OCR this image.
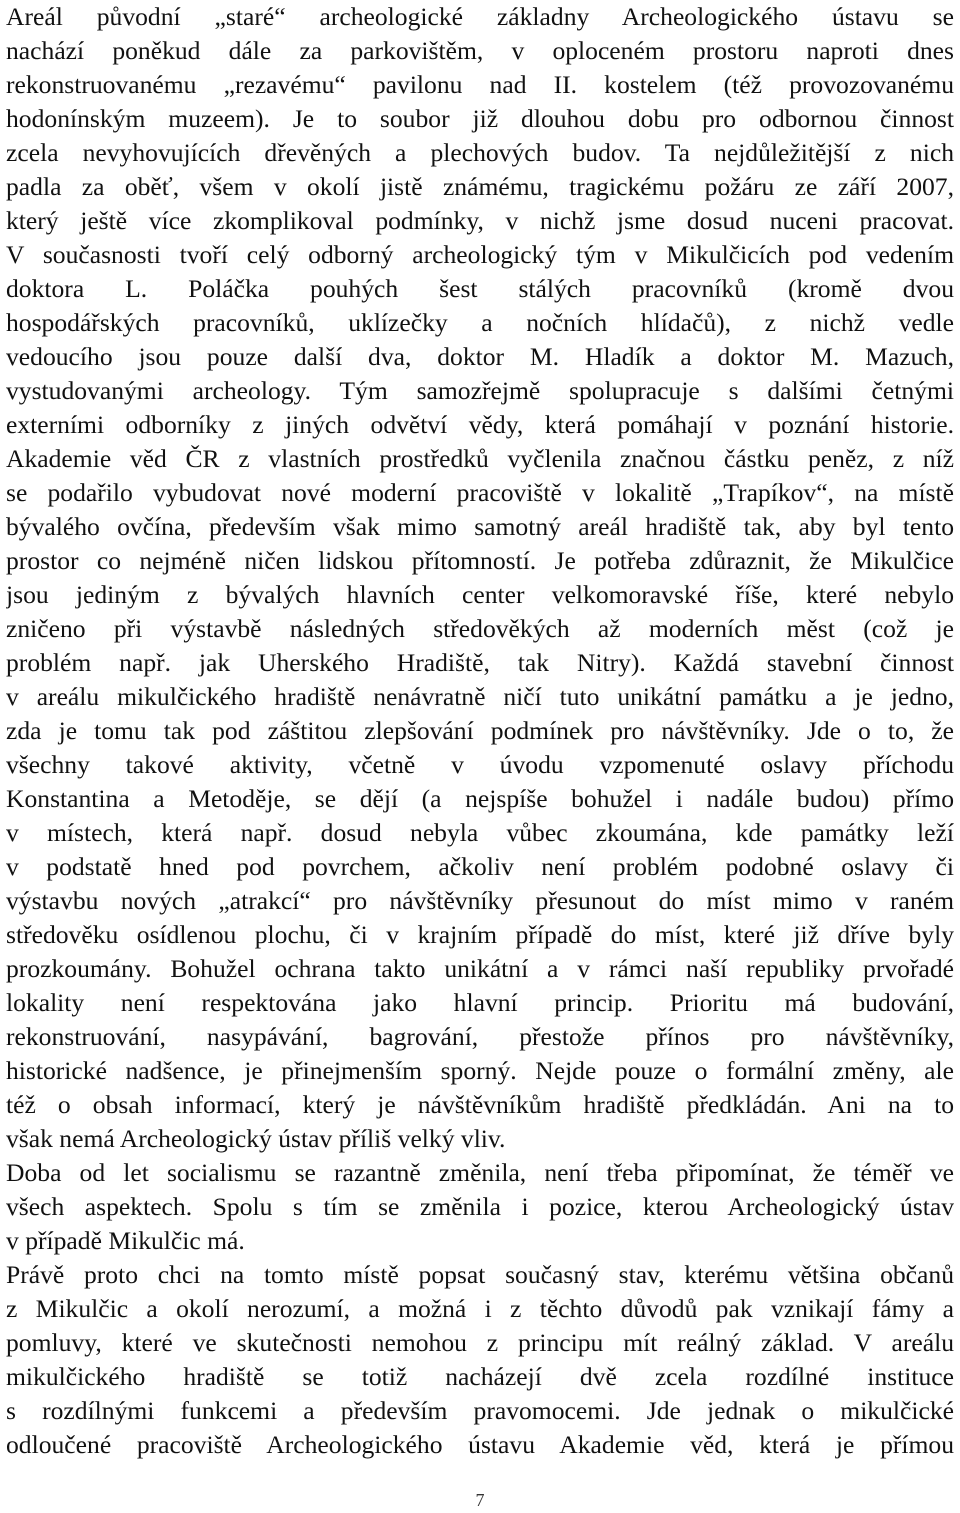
Areál původní „staré“ archeologické základny Archeologického ústavu se
nachází poněkud dále za parkovištěm, v oploceném prostoru naproti dnes
rekonstruovanému „rezavému“ pavilonu nad II. kostelem (též provozovanému
hodonínským muzeem). Je to soubor již dlouhou dobu pro odbornou činnost
zcela nevyhovujících dřevěných a plechových budov. Ta nejdůležitější z nich
padla za oběť, všem v okolí jistě známému, tragickému požáru ze září 2007,
který ještě více zkomplikoval podmínky, v nichž jsme dosud nuceni pracovat.
V současnosti tvoří celý odborný archeologický tým v Mikulčicích pod vedením
doktora L. Poláčka pouhých šest stálých pracovníků (kromě dvou
hospodářských pracovníků, uklízečky a nočních hlídačů), z nichž vedle
vedoucího jsou pouze další dva, doktor M. Hladík a doktor M. Mazuch,
vystudovanými archeology. Tým samozřejmě spolupracuje s dalšími četnými
externími odborníky z jiných odvětví vědy, která pomáhají v poznání historie.
Akademie věd ČR z vlastních prostředků vyčlenila značnou částku peněz, z níž
se podařilo vybudovat nové moderní pracoviště v lokalitě „Trapíkov“, na místě
bývalého ovčína, především však mimo samotný areál hradiště tak, aby byl tento
prostor co nejméně ničen lidskou přítomností. Je potřeba zdůraznit, že Mikulčice
jsou jediným z bývalých hlavních center velkomoravské říše, které nebylo
zničeno při výstavbě následných středověkých až moderních měst (což je
problém např. jak Uherského Hradiště, tak Nitry). Každá stavební činnost
v areálu mikulčického hradiště nenávratně ničí tuto unikátní památku a je jedno,
zda je tomu tak pod záštitou zlepšování podmínek pro návštěvníky. Jde o to, že
všechny takové aktivity, včetně v úvodu vzpomenuté oslavy příchodu
Konstantina a Metoděje, se dějí (a nejspíše bohužel i nadále budou) přímo
v místech, která např. dosud nebyla vůbec zkoumána, kde památky leží
v podstatě hned pod povrchem, ačkoliv není problém podobné oslavy či
výstavbu nových „atrakcí“ pro návštěvníky přesunout do míst mimo v raném
středověku osídlenou plochu, či v krajním případě do míst, které již dříve byly
prozkoumány. Bohužel ochrana takto unikátní a v rámci naší republiky prvořadé
lokality není respektována jako hlavní princip. Prioritu má budování,
rekonstruování, nasypávání, bagrování, přestože přínos pro návštěvníky,
historické nadšence, je přinejmenším sporný. Nejde pouze o formální změny, ale
též o obsah informací, který je návštěvníkům hradiště předkládán. Ani na to
však nemá Archeologický ústav příliš velký vliv.
Doba od let socialismu se razantně změnila, není třeba připomínat, že téměř ve
všech aspektech. Spolu s tím se změnila i pozice, kterou Archeologický ústav
v případě Mikulčic má.
Právě proto chci na tomto místě popsat současný stav, kterému většina občanů
z Mikulčic a okolí nerozumí, a možná i z těchto důvodů pak vznikají fámy a
pomluvy, které ve skutečnosti nemohou z principu mít reálný základ. V areálu
mikulčického hradiště se totiž nacházejí dvě zcela rozdílné instituce
s rozdílnými funkcemi a především pravomocemi. Jde jednak o mikulčické
odloučené pracoviště Archeologického ústavu Akademie věd, která je přímou
7
